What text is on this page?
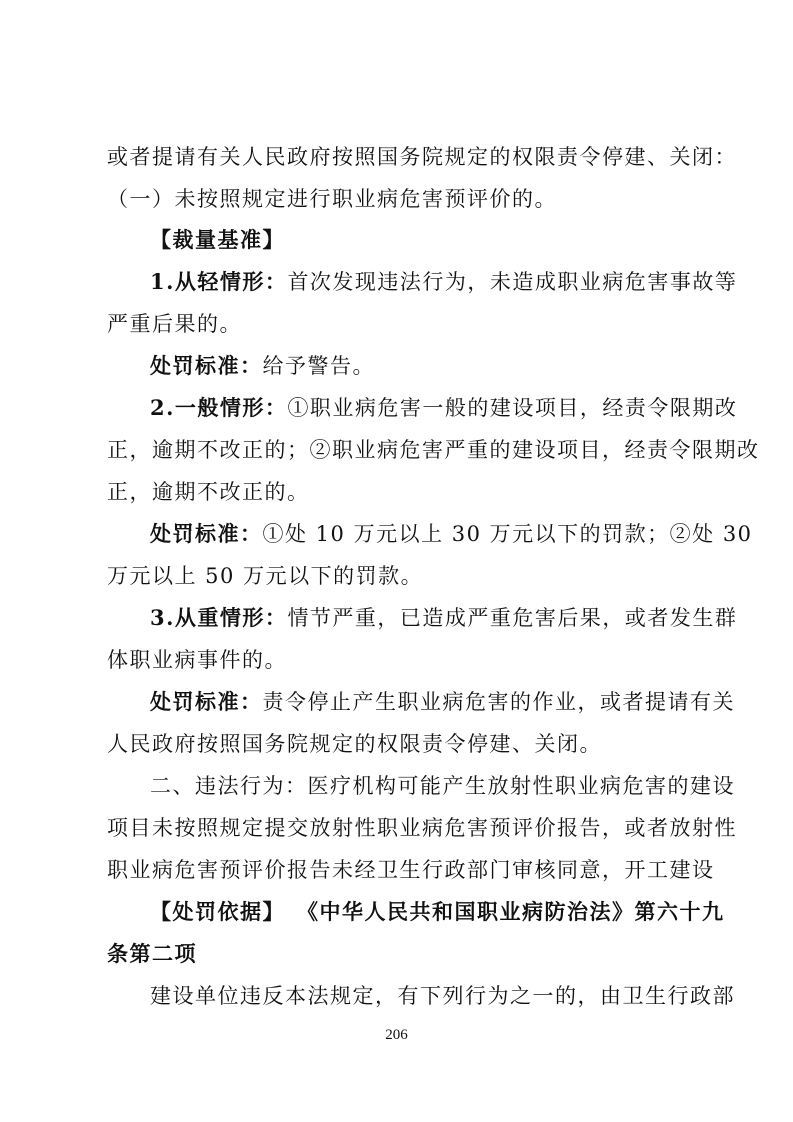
或者提请有关人民政府按照国务院规定的权限责令停建、关闭：
（一）未按照规定进行职业病危害预评价的。
【裁量基准】
1.从轻情形：首次发现违法行为，未造成职业病危害事故等
严重后果的。
处罚标准：给予警告。
2.一般情形：①职业病危害一般的建设项目，经责令限期改
正，逾期不改正的；②职业病危害严重的建设项目，经责令限期改
正，逾期不改正的。
处罚标准：①处 10 万元以上 30 万元以下的罚款；②处 30
万元以上 50 万元以下的罚款。
3.从重情形：情节严重，已造成严重危害后果，或者发生群
体职业病事件的。
处罚标准：责令停止产生职业病危害的作业，或者提请有关
人民政府按照国务院规定的权限责令停建、关闭。
二、违法行为：医疗机构可能产生放射性职业病危害的建设
项目未按照规定提交放射性职业病危害预评价报告，或者放射性
职业病危害预评价报告未经卫生行政部门审核同意，开工建设
【处罚依据】 《中华人民共和国职业病防治法》第六十九
条第二项
建设单位违反本法规定，有下列行为之一的，由卫生行政部
206
